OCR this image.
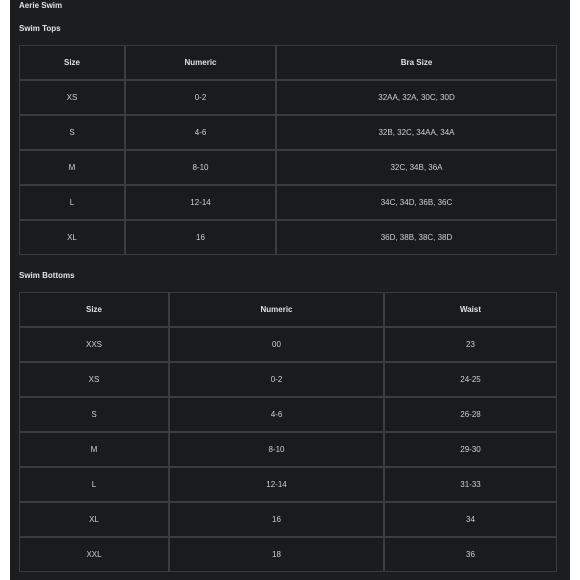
Aerie Swim
Swim Tops
Size	Numeric	Bra Size
XS	0-2	32AA, 32A, 30C, 30D
S	4-6	32B, 32C, 34AA, 34A
M	8-10	32C, 34B, 36A
L	12-14	34C, 34D, 36B, 36C
XL	16	36D, 38B, 38C, 38D
Swim Bottoms
Size	Numeric	Waist
XXS	00	23
XS	0-2	24-25
S	4-6	26-28
M	8-10	29-30
L	12-14	31-33
XL	16	34
XXL	18	36
